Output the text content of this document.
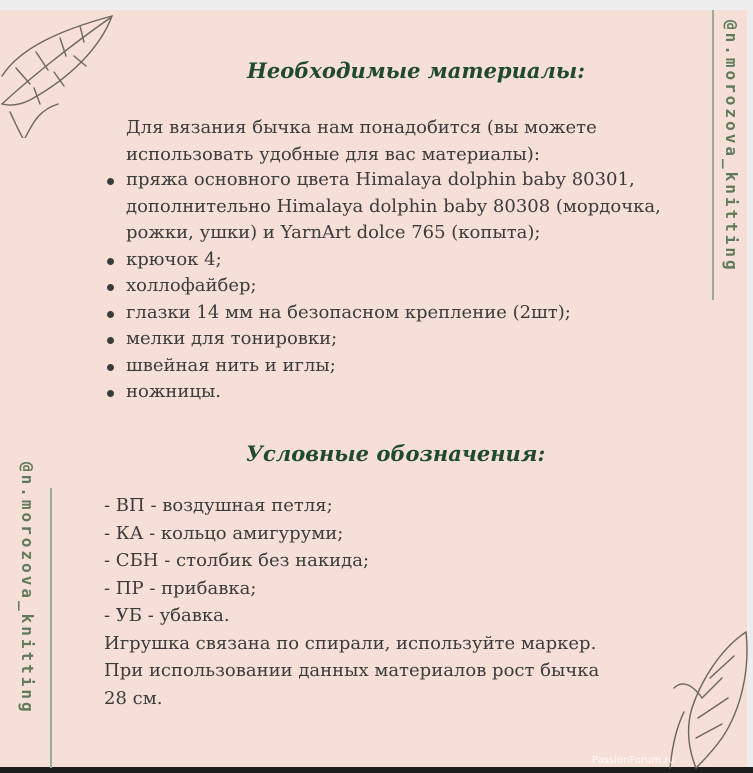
@n.morozova_knitting
@n.morozova_knitting
Необходимые материалы:
Для вязания бычка нам понадобится (вы можете использовать удобные для вас материалы):
пряжа основного цвета Himalaya dolphin baby 80301, дополнительно Himalaya dolphin baby 80308 (мордочка, рожки, ушки) и YarnArt dolce 765 (копыта);
крючок 4;
холлофайбер;
глазки 14 мм на безопасном крепление (2шт);
мелки для тонировки;
швейная нить и иглы;
ножницы.
Условные обозначения:
- ВП - воздушная петля;
- КА - кольцо амигуруми;
- СБН - столбик без накида;
- ПР - прибавка;
- УБ - убавка.
Игрушка связана по спирали, используйте маркер.
При использовании данных материалов рост бычка
28 см.
PassionForum.ru
